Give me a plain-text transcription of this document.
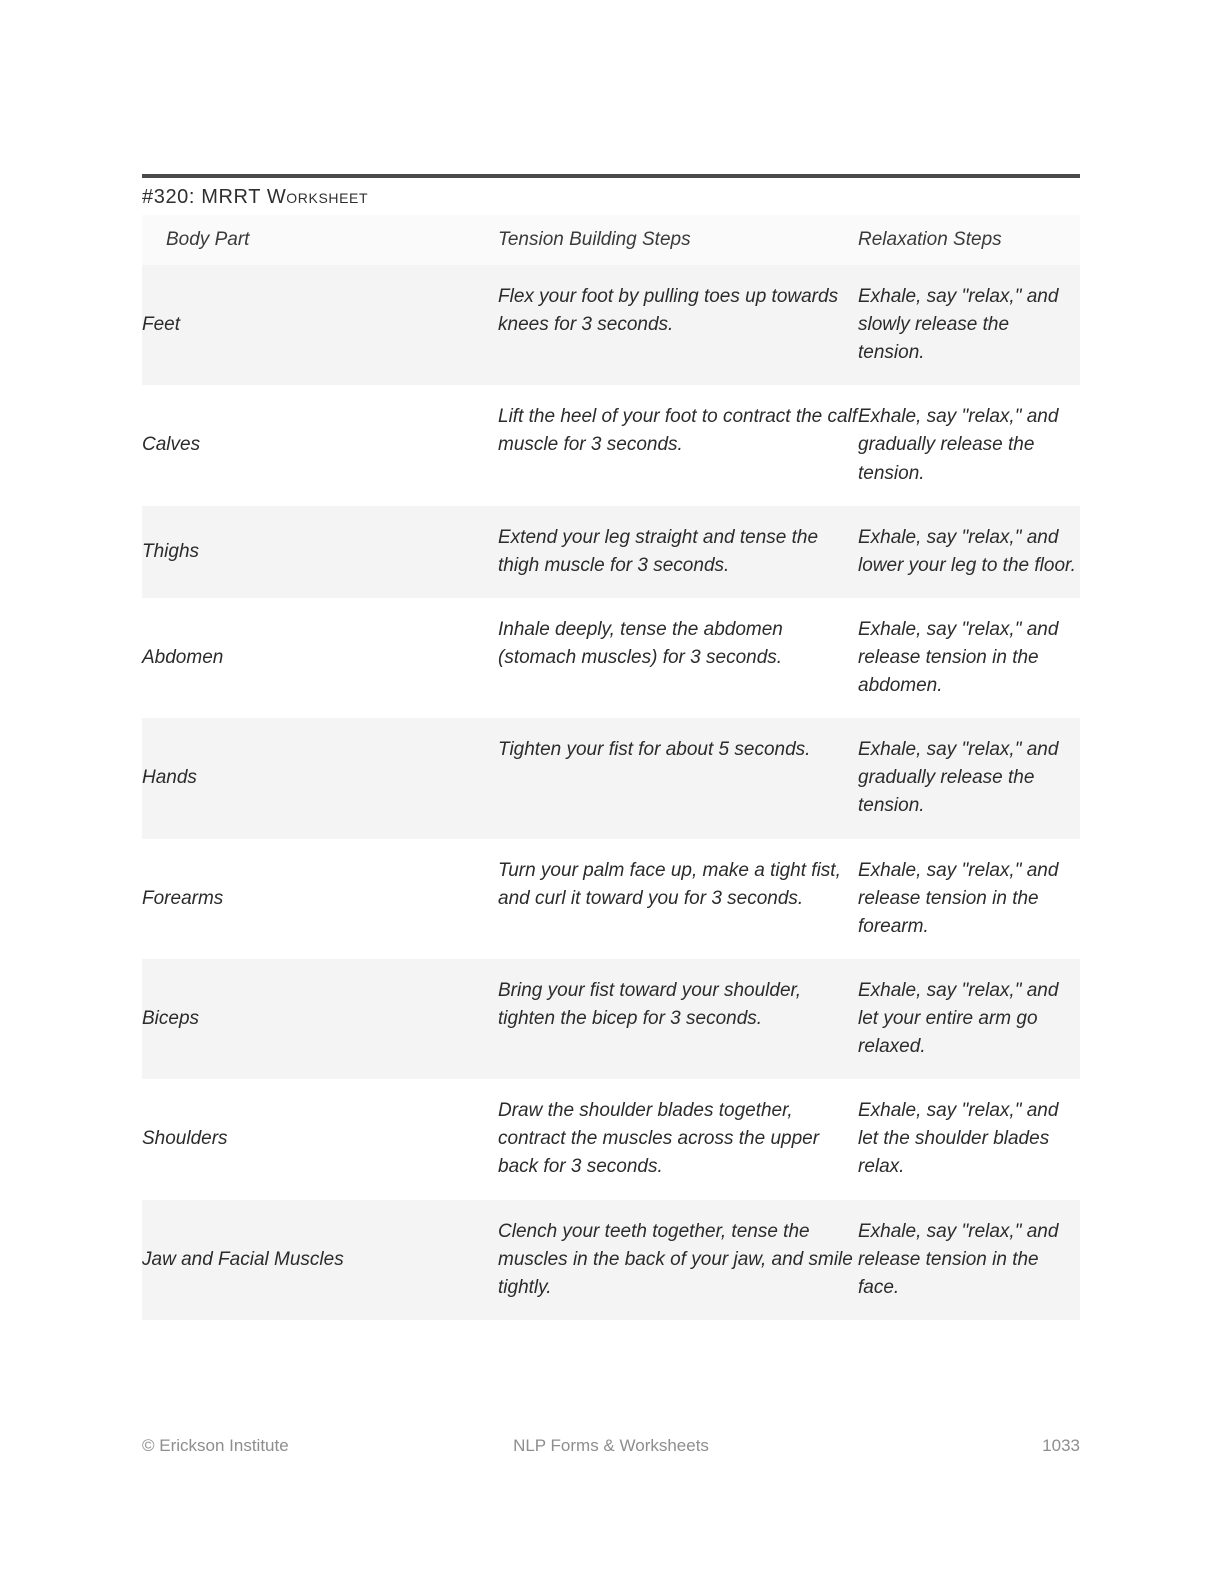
#320: MRRT Worksheet
Body Part	Tension Building Steps	Relaxation Steps
Feet	Flex your foot by pulling toes up towards knees for 3 seconds.	Exhale, say "relax," and slowly release the tension.
Calves	Lift the heel of your foot to contract the calf muscle for 3 seconds.	Exhale, say "relax," and gradually release the tension.
Thighs	Extend your leg straight and tense the thigh muscle for 3 seconds.	Exhale, say "relax," and lower your leg to the floor.
Abdomen	Inhale deeply, tense the abdomen (stomach muscles) for 3 seconds.	Exhale, say "relax," and release tension in the abdomen.
Hands	Tighten your fist for about 5 seconds.	Exhale, say "relax," and gradually release the tension.
Forearms	Turn your palm face up, make a tight fist, and curl it toward you for 3 seconds.	Exhale, say "relax," and release tension in the forearm.
Biceps	Bring your fist toward your shoulder, tighten the bicep for 3 seconds.	Exhale, say "relax," and let your entire arm go relaxed.
Shoulders	Draw the shoulder blades together, contract the muscles across the upper back for 3 seconds.	Exhale, say "relax," and let the shoulder blades relax.
Jaw and Facial Muscles	Clench your teeth together, tense the muscles in the back of your jaw, and smile tightly.	Exhale, say "relax," and release tension in the face.
© Erickson Institute	NLP Forms & Worksheets	1033
